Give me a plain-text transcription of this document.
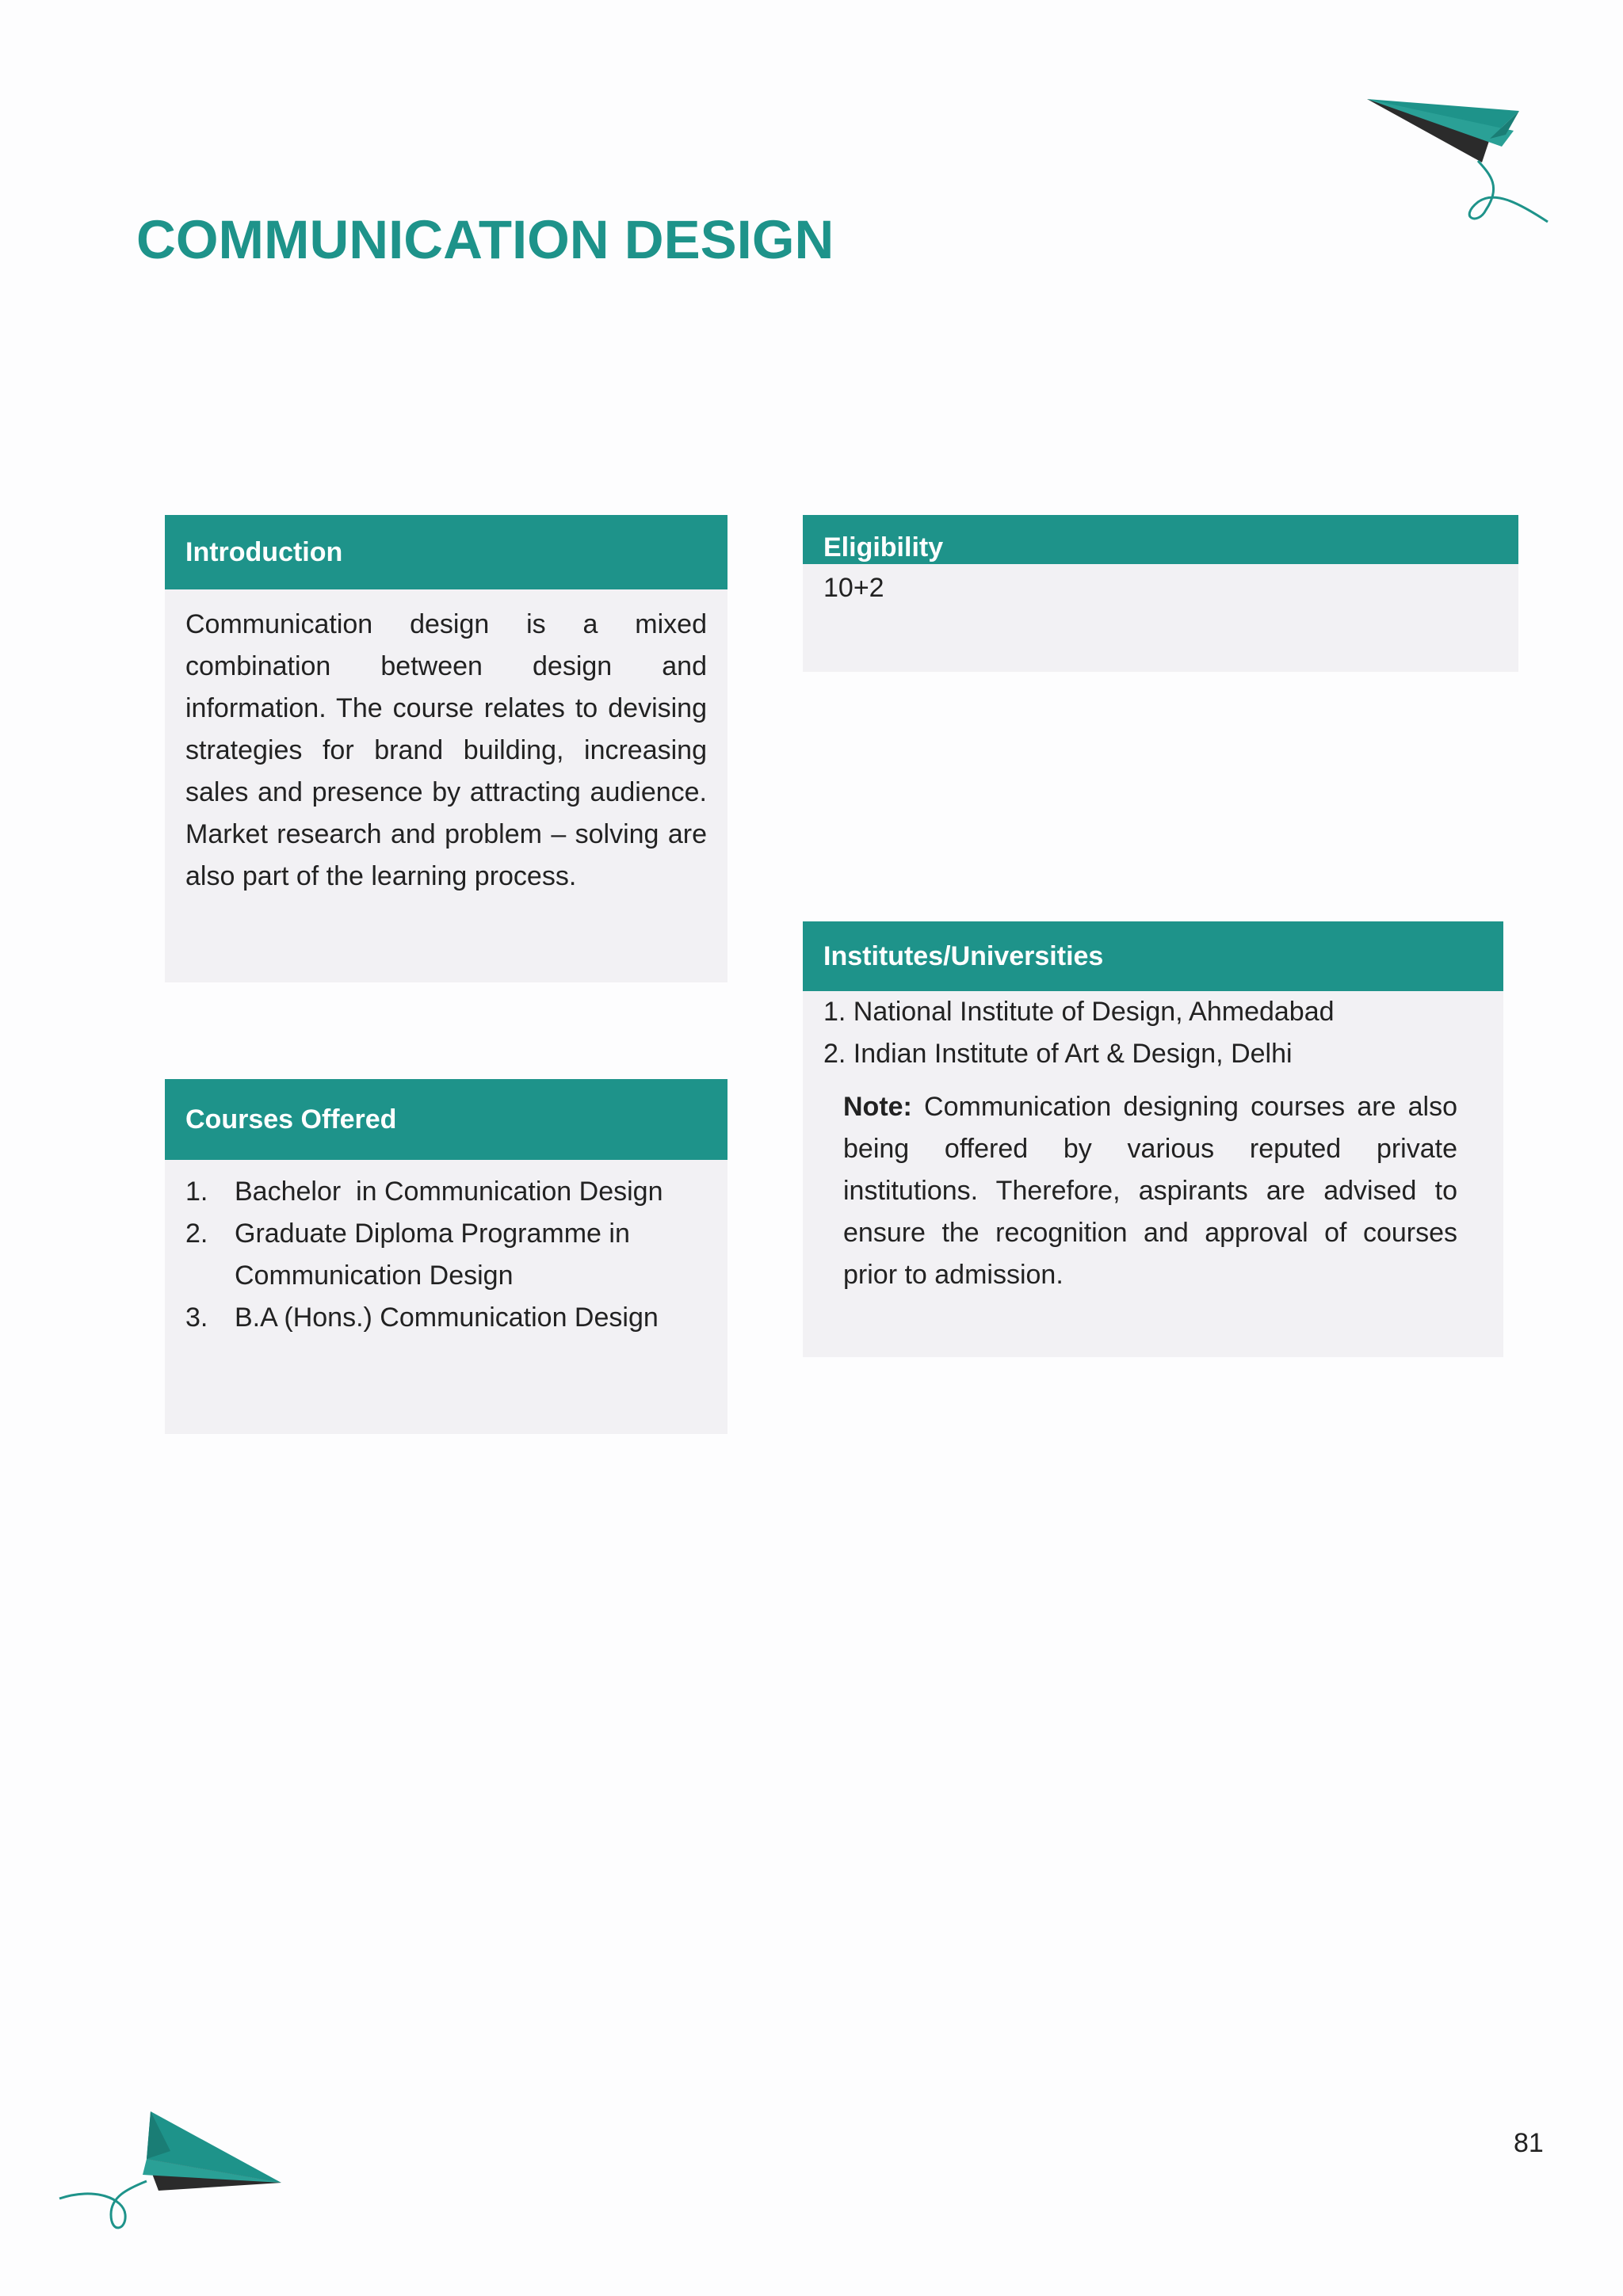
COMMUNICATION DESIGN
Introduction
Communication design is a mixed combination between design and information. The course relates to devising strategies for brand building, increasing sales and presence by attracting audience. Market research and problem – solving are also part of the learning process.
Eligibility
10+2
Institutes/Universities
1. National Institute of Design, Ahmedabad
2. Indian Institute of Art & Design, Delhi
Note: Communication designing courses are also being offered by various reputed private institutions. Therefore, aspirants are advised to ensure the recognition and approval of courses prior to admission.
Courses Offered
1. Bachelor  in Communication Design
2. Graduate Diploma Programme in Communication Design
3. B.A (Hons.) Communication Design
81
